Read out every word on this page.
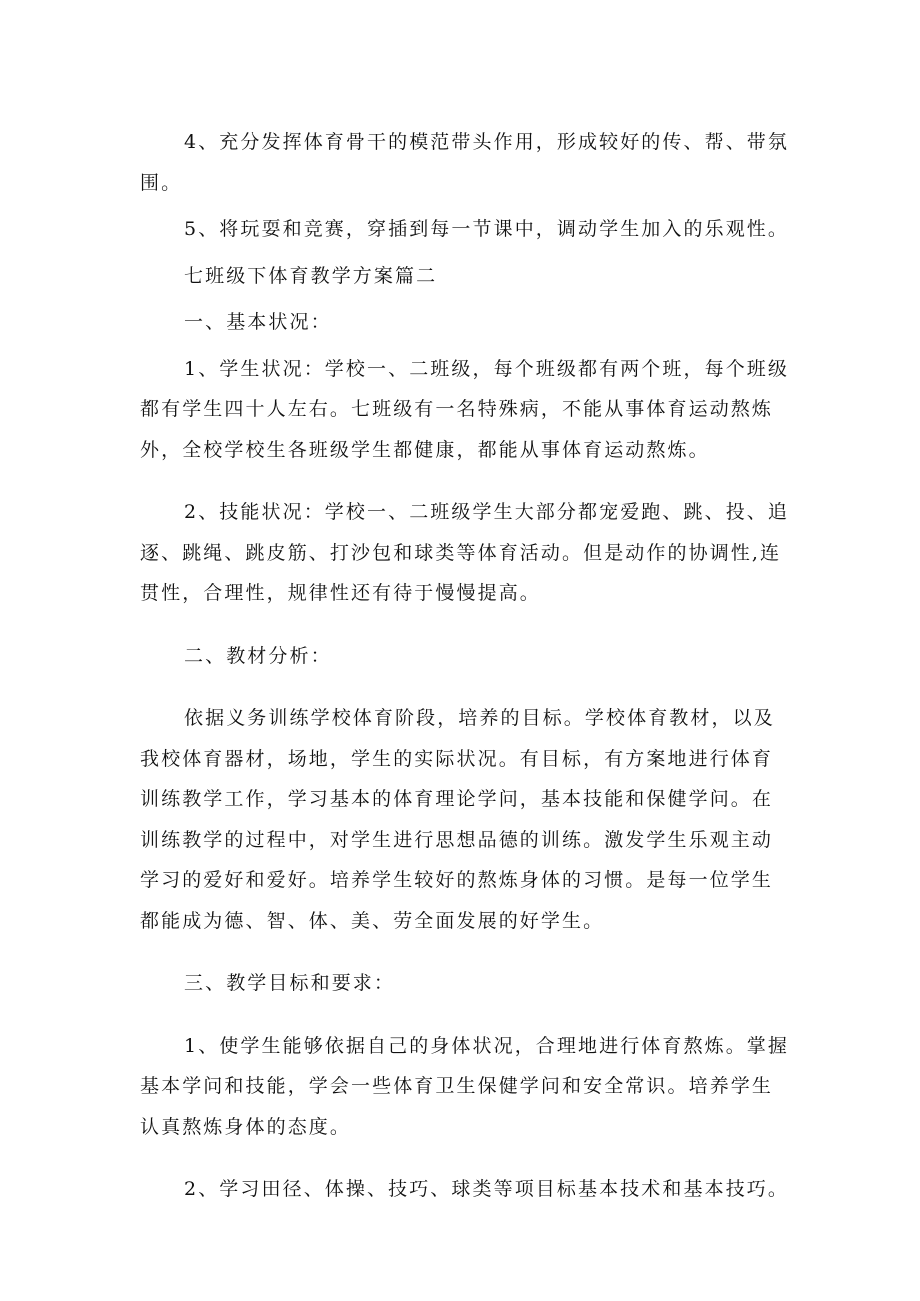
4、充分发挥体育骨干的模范带头作用，形成较好的传、帮、带氛围。

5、将玩耍和竞赛，穿插到每一节课中，调动学生加入的乐观性。

七班级下体育教学方案篇二

一、基本状况：

1、学生状况：学校一、二班级，每个班级都有两个班，每个班级都有学生四十人左右。七班级有一名特殊病，不能从事体育运动熬炼外，全校学校生各班级学生都健康，都能从事体育运动熬炼。

2、技能状况：学校一、二班级学生大部分都宠爱跑、跳、投、追逐、跳绳、跳皮筋、打沙包和球类等体育活动。但是动作的协调性,连贯性，合理性，规律性还有待于慢慢提高。

二、教材分析：

依据义务训练学校体育阶段，培养的目标。学校体育教材，以及我校体育器材，场地，学生的实际状况。有目标，有方案地进行体育训练教学工作，学习基本的体育理论学问，基本技能和保健学问。在训练教学的过程中，对学生进行思想品德的训练。激发学生乐观主动学习的爱好和爱好。培养学生较好的熬炼身体的习惯。是每一位学生都能成为德、智、体、美、劳全面发展的好学生。

三、教学目标和要求：

1、使学生能够依据自己的身体状况，合理地进行体育熬炼。掌握基本学问和技能，学会一些体育卫生保健学问和安全常识。培养学生认真熬炼身体的态度。

2、学习田径、体操、技巧、球类等项目标基本技术和基本技巧。
